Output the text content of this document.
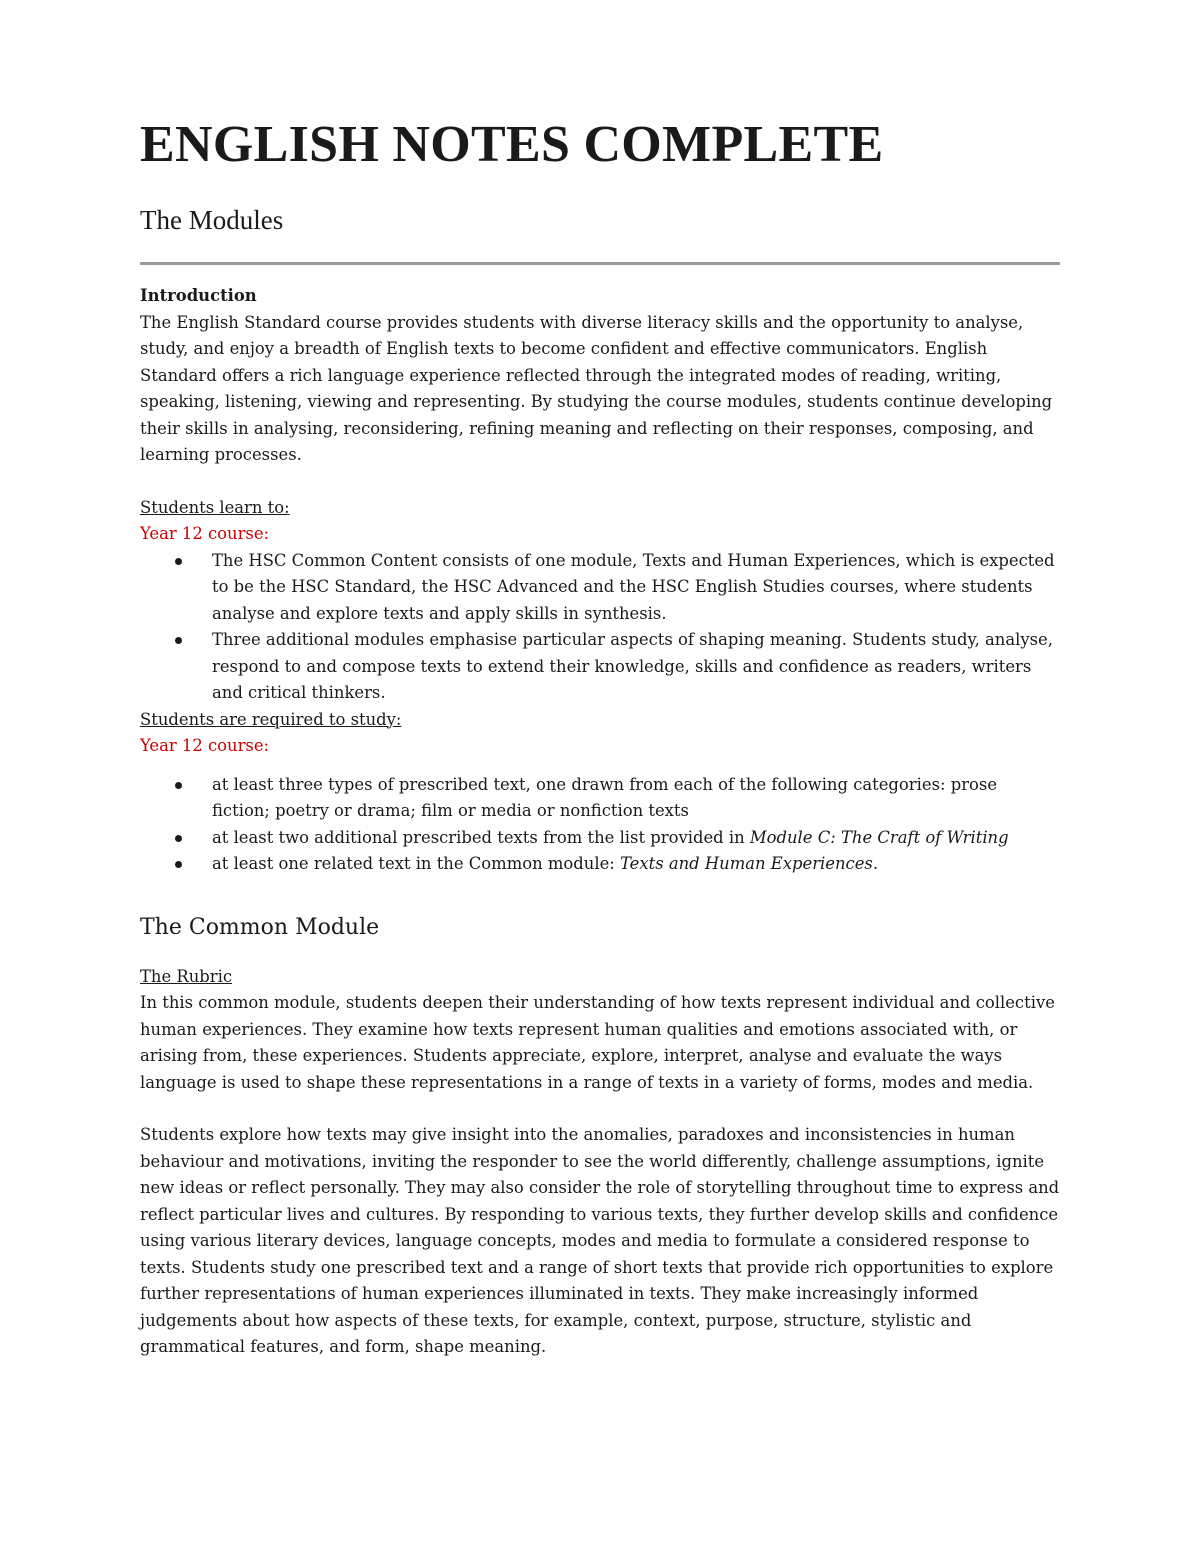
ENGLISH NOTES COMPLETE
The Modules

Introduction

The English Standard course provides students with diverse literacy skills and the opportunity to analyse, study, and enjoy a breadth of English texts to become confident and effective communicators. English Standard offers a rich language experience reflected through the integrated modes of reading, writing, speaking, listening, viewing and representing. By studying the course modules, students continue developing their skills in analysing, reconsidering, refining meaning and reflecting on their responses, composing, and learning processes.

Students learn to:

Year 12 course:

The HSC Common Content consists of one module, Texts and Human Experiences, which is expected to be the HSC Standard, the HSC Advanced and the HSC English Studies courses, where students analyse and explore texts and apply skills in synthesis.
Three additional modules emphasise particular aspects of shaping meaning. Students study, analyse, respond to and compose texts to extend their knowledge, skills and confidence as readers, writers and critical thinkers.

Students are required to study:

Year 12 course:

at least three types of prescribed text, one drawn from each of the following categories: prose fiction; poetry or drama; film or media or nonfiction texts
at least two additional prescribed texts from the list provided in Module C: The Craft of Writing
at least one related text in the Common module: Texts and Human Experiences.
The Common Module

The Rubric

In this common module, students deepen their understanding of how texts represent individual and collective human experiences. They examine how texts represent human qualities and emotions associated with, or arising from, these experiences. Students appreciate, explore, interpret, analyse and evaluate the ways language is used to shape these representations in a range of texts in a variety of forms, modes and media.

Students explore how texts may give insight into the anomalies, paradoxes and inconsistencies in human behaviour and motivations, inviting the responder to see the world differently, challenge assumptions, ignite new ideas or reflect personally. They may also consider the role of storytelling throughout time to express and reflect particular lives and cultures. By responding to various texts, they further develop skills and confidence using various literary devices, language concepts, modes and media to formulate a considered response to texts. Students study one prescribed text and a range of short texts that provide rich opportunities to explore further representations of human experiences illuminated in texts. They make increasingly informed judgements about how aspects of these texts, for example, context, purpose, structure, stylistic and grammatical features, and form, shape meaning.
